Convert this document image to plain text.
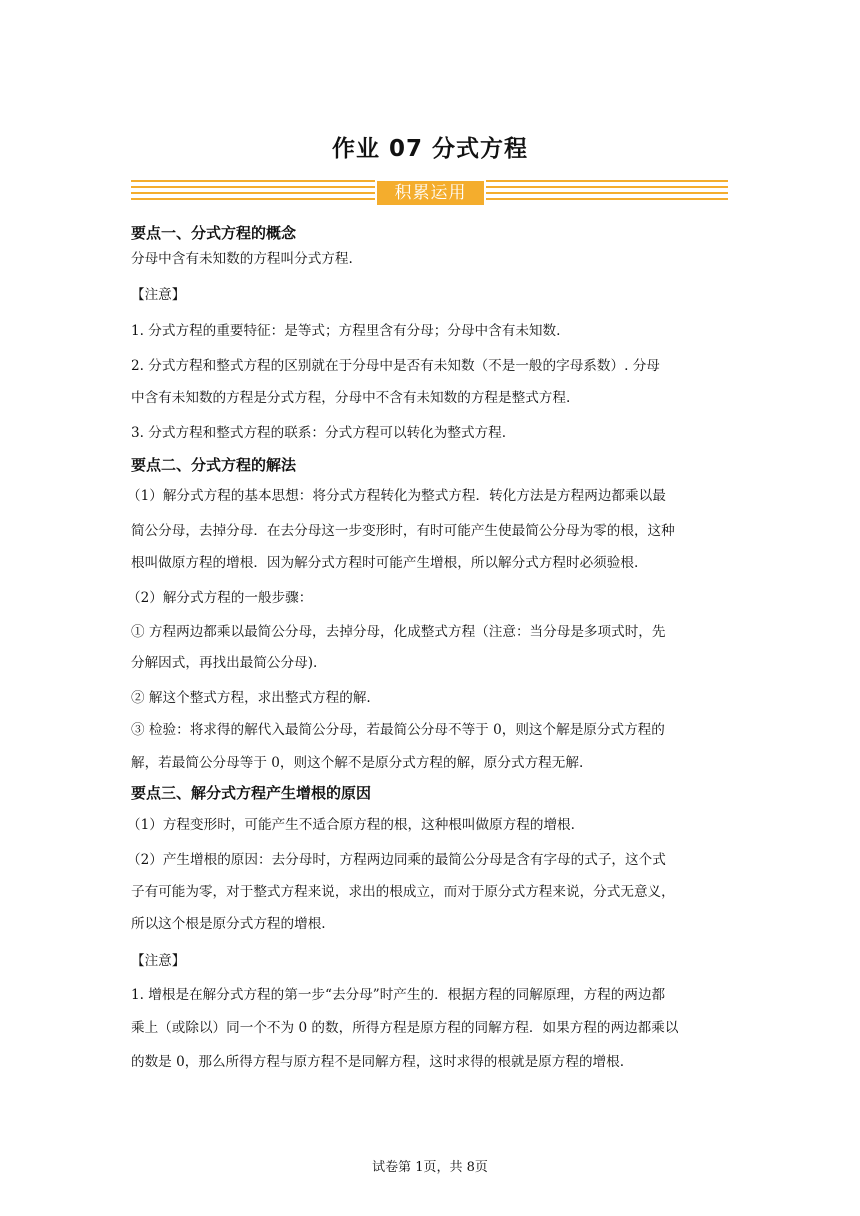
作业 07 分式方程
积累运用
要点一、分式方程的概念
分母中含有未知数的方程叫分式方程.
【注意】
1. 分式方程的重要特征：是等式；方程里含有分母；分母中含有未知数.
2. 分式方程和整式方程的区别就在于分母中是否有未知数（不是一般的字母系数）. 分母
中含有未知数的方程是分式方程，分母中不含有未知数的方程是整式方程.
3. 分式方程和整式方程的联系：分式方程可以转化为整式方程.
要点二、分式方程的解法
（1）解分式方程的基本思想：将分式方程转化为整式方程．转化方法是方程两边都乘以最
简公分母，去掉分母．在去分母这一步变形时，有时可能产生使最简公分母为零的根，这种
根叫做原方程的增根．因为解分式方程时可能产生增根，所以解分式方程时必须验根.
（2）解分式方程的一般步骤：
① 方程两边都乘以最简公分母，去掉分母，化成整式方程（注意：当分母是多项式时，先
分解因式，再找出最简公分母).
② 解这个整式方程，求出整式方程的解.
③ 检验：将求得的解代入最简公分母，若最简公分母不等于 0，则这个解是原分式方程的
解，若最简公分母等于 0，则这个解不是原分式方程的解，原分式方程无解.
要点三、解分式方程产生增根的原因
（1）方程变形时，可能产生不适合原方程的根，这种根叫做原方程的增根.
（2）产生增根的原因：去分母时，方程两边同乘的最简公分母是含有字母的式子，这个式
子有可能为零，对于整式方程来说，求出的根成立，而对于原分式方程来说，分式无意义，
所以这个根是原分式方程的增根.
【注意】
1. 增根是在解分式方程的第一步“去分母”时产生的．根据方程的同解原理，方程的两边都
乘上（或除以）同一个不为 0 的数，所得方程是原方程的同解方程．如果方程的两边都乘以
的数是 0，那么所得方程与原方程不是同解方程，这时求得的根就是原方程的增根.
试卷第 1页，共 8页
